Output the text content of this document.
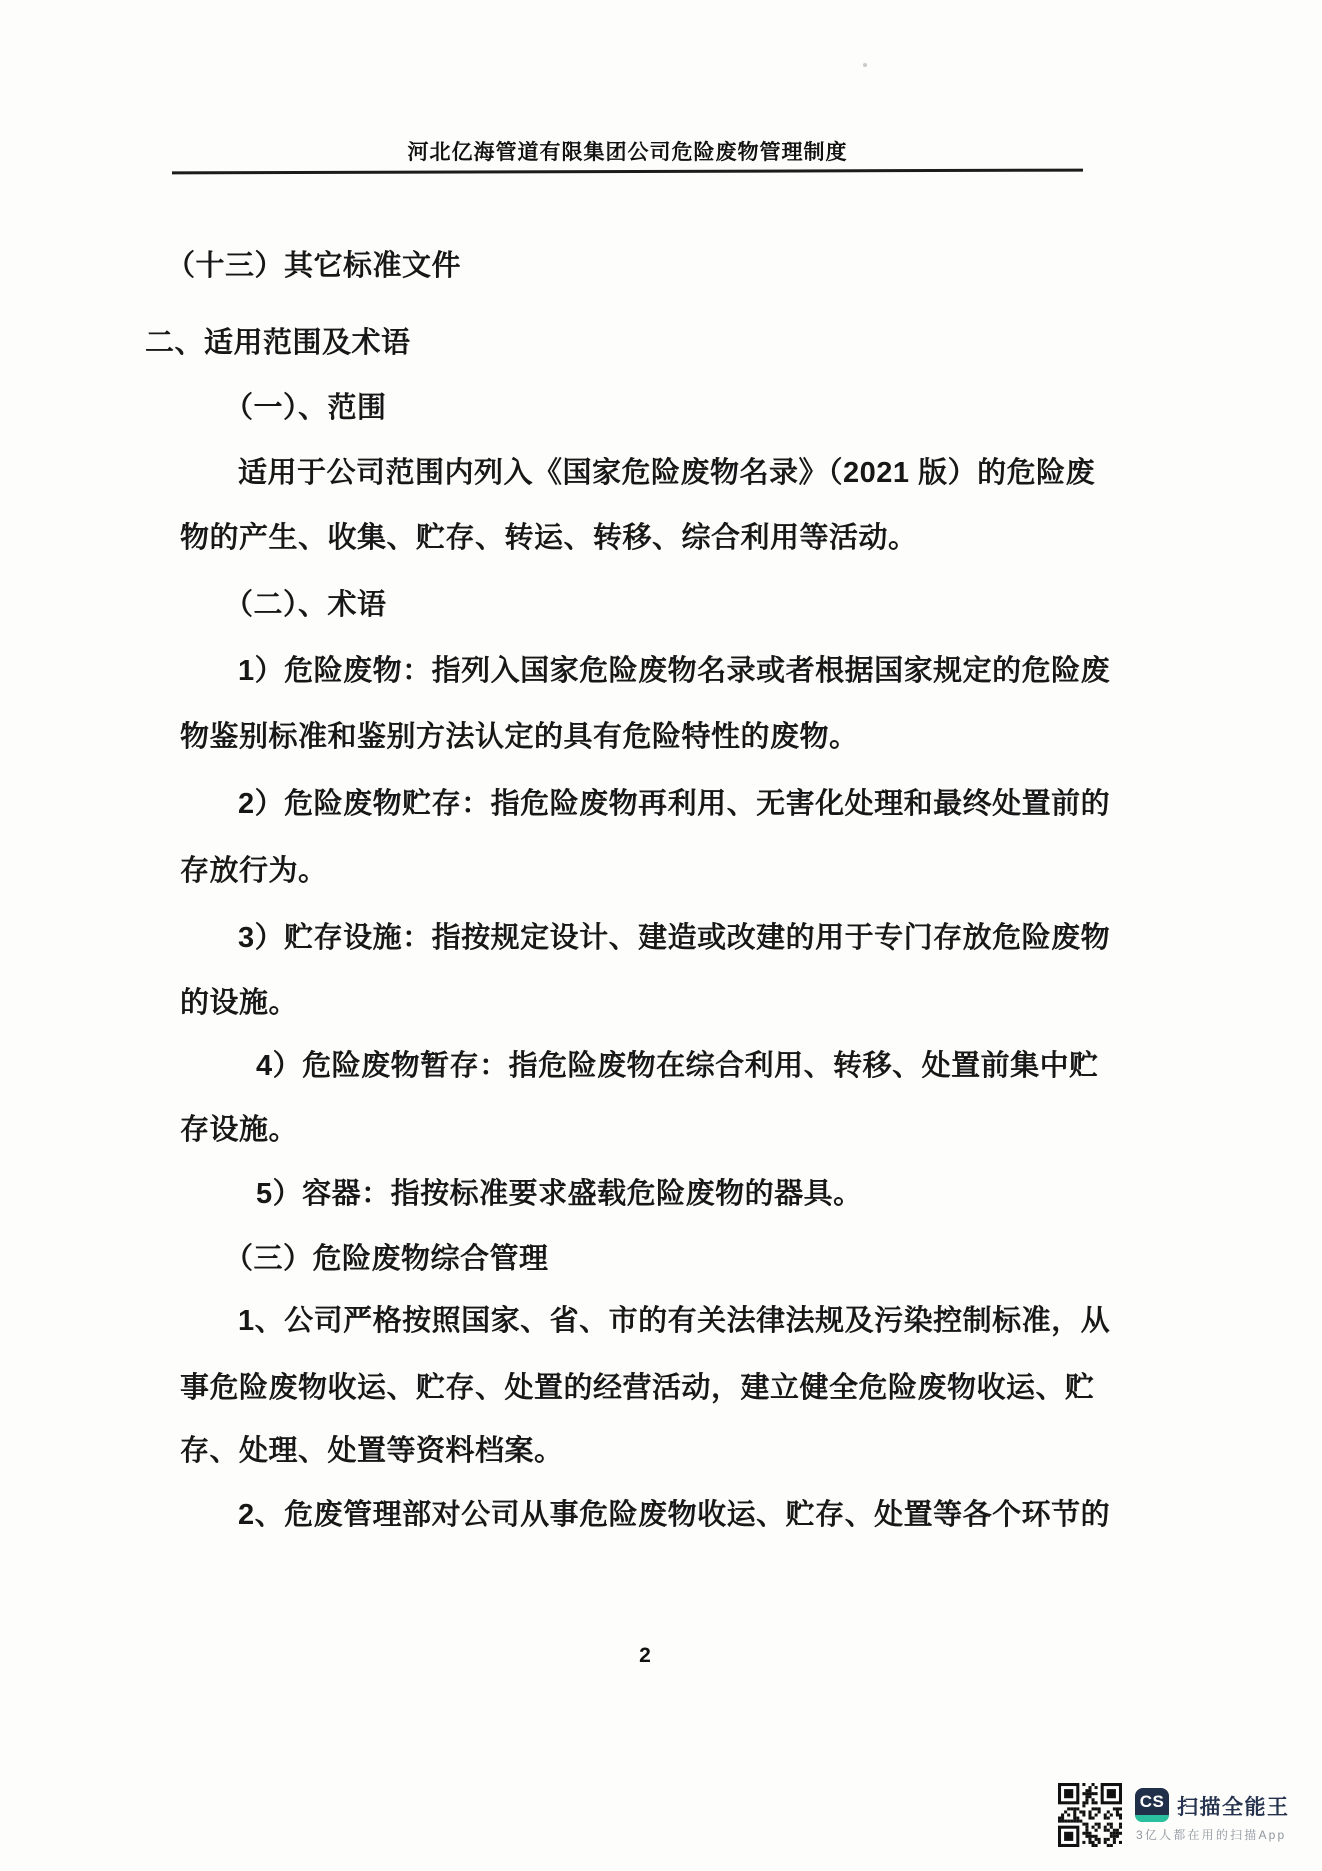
河北亿海管道有限集团公司危险废物管理制度
（十三）其它标准文件
二、适用范围及术语
（一）、范围
适用于公司范围内列入《国家危险废物名录》（2021 版）的危险废
物的产生、收集、贮存、转运、转移、综合利用等活动。
（二）、术语
1）危险废物：指列入国家危险废物名录或者根据国家规定的危险废
物鉴别标准和鉴别方法认定的具有危险特性的废物。
2）危险废物贮存：指危险废物再利用、无害化处理和最终处置前的
存放行为。
3）贮存设施：指按规定设计、建造或改建的用于专门存放危险废物
的设施。
4）危险废物暂存：指危险废物在综合利用、转移、处置前集中贮
存设施。
5）容器：指按标准要求盛载危险废物的器具。
（三）危险废物综合管理
1、公司严格按照国家、省、市的有关法律法规及污染控制标准，从
事危险废物收运、贮存、处置的经营活动，建立健全危险废物收运、贮
存、处理、处置等资料档案。
2、危废管理部对公司从事危险废物收运、贮存、处置等各个环节的
2
CS 扫描全能王
3亿人都在用的扫描App
